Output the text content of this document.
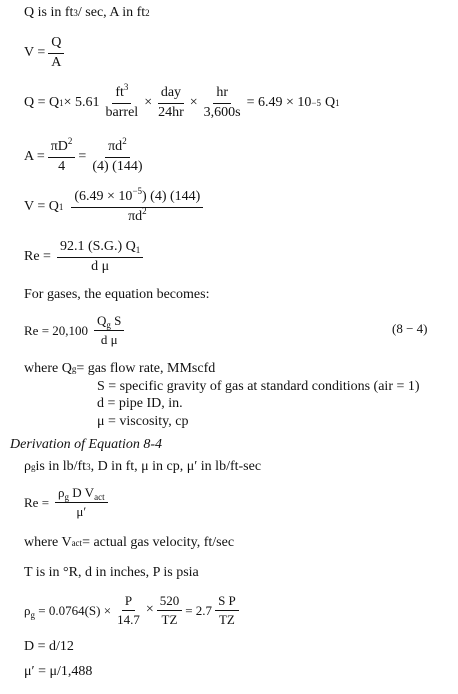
Q is in ft 3 / sec, A in ft 2
$V = \frac{Q}{A}$
Q = Q $1 \times 5.61 \frac{ft^3}{\text{barrel}} \times \frac{\text{day}}{24hr} \times \frac{hr}{3,600s} = 6.49 \times 10 -5$ Q 1
$A = \frac{\pi D^2}{4} = \frac{\pi d^2}{(4) (144)}$
V = Q $1 \frac{(6.49 \times 10^{-5}) (4) (144)}{\pi d^2}$
$Re = \frac{92.1 (S.G.) Q_1}{\text{d μ}}$
For gases, the equation becomes:
$Re = 20,100 \frac{Q_g S}{\text{d μ}}$	(8 − 4)
where Q g = gas flow rate, MMscfd
S = specific gravity of gas at standard conditions (air = 1)
d = pipe ID, in.
μ = viscosity, cp
Derivation of Equation 8-4
ρ g is in lb/ft 3 , D in ft, μ in cp, μ′ in lb/ft-sec
$Re = \frac{\rho_g D V_{act}}{\mu'}$
where V act = actual gas velocity, ft/sec
T is in °R, d in inches, P is psia
$\rho_g = 0.0764(S) \times \frac{P}{14.7} \times \frac{520}{TZ} = 2.7 \frac{\text{S P}}{TZ}$
D = d/12
μ′ = μ/1,488
